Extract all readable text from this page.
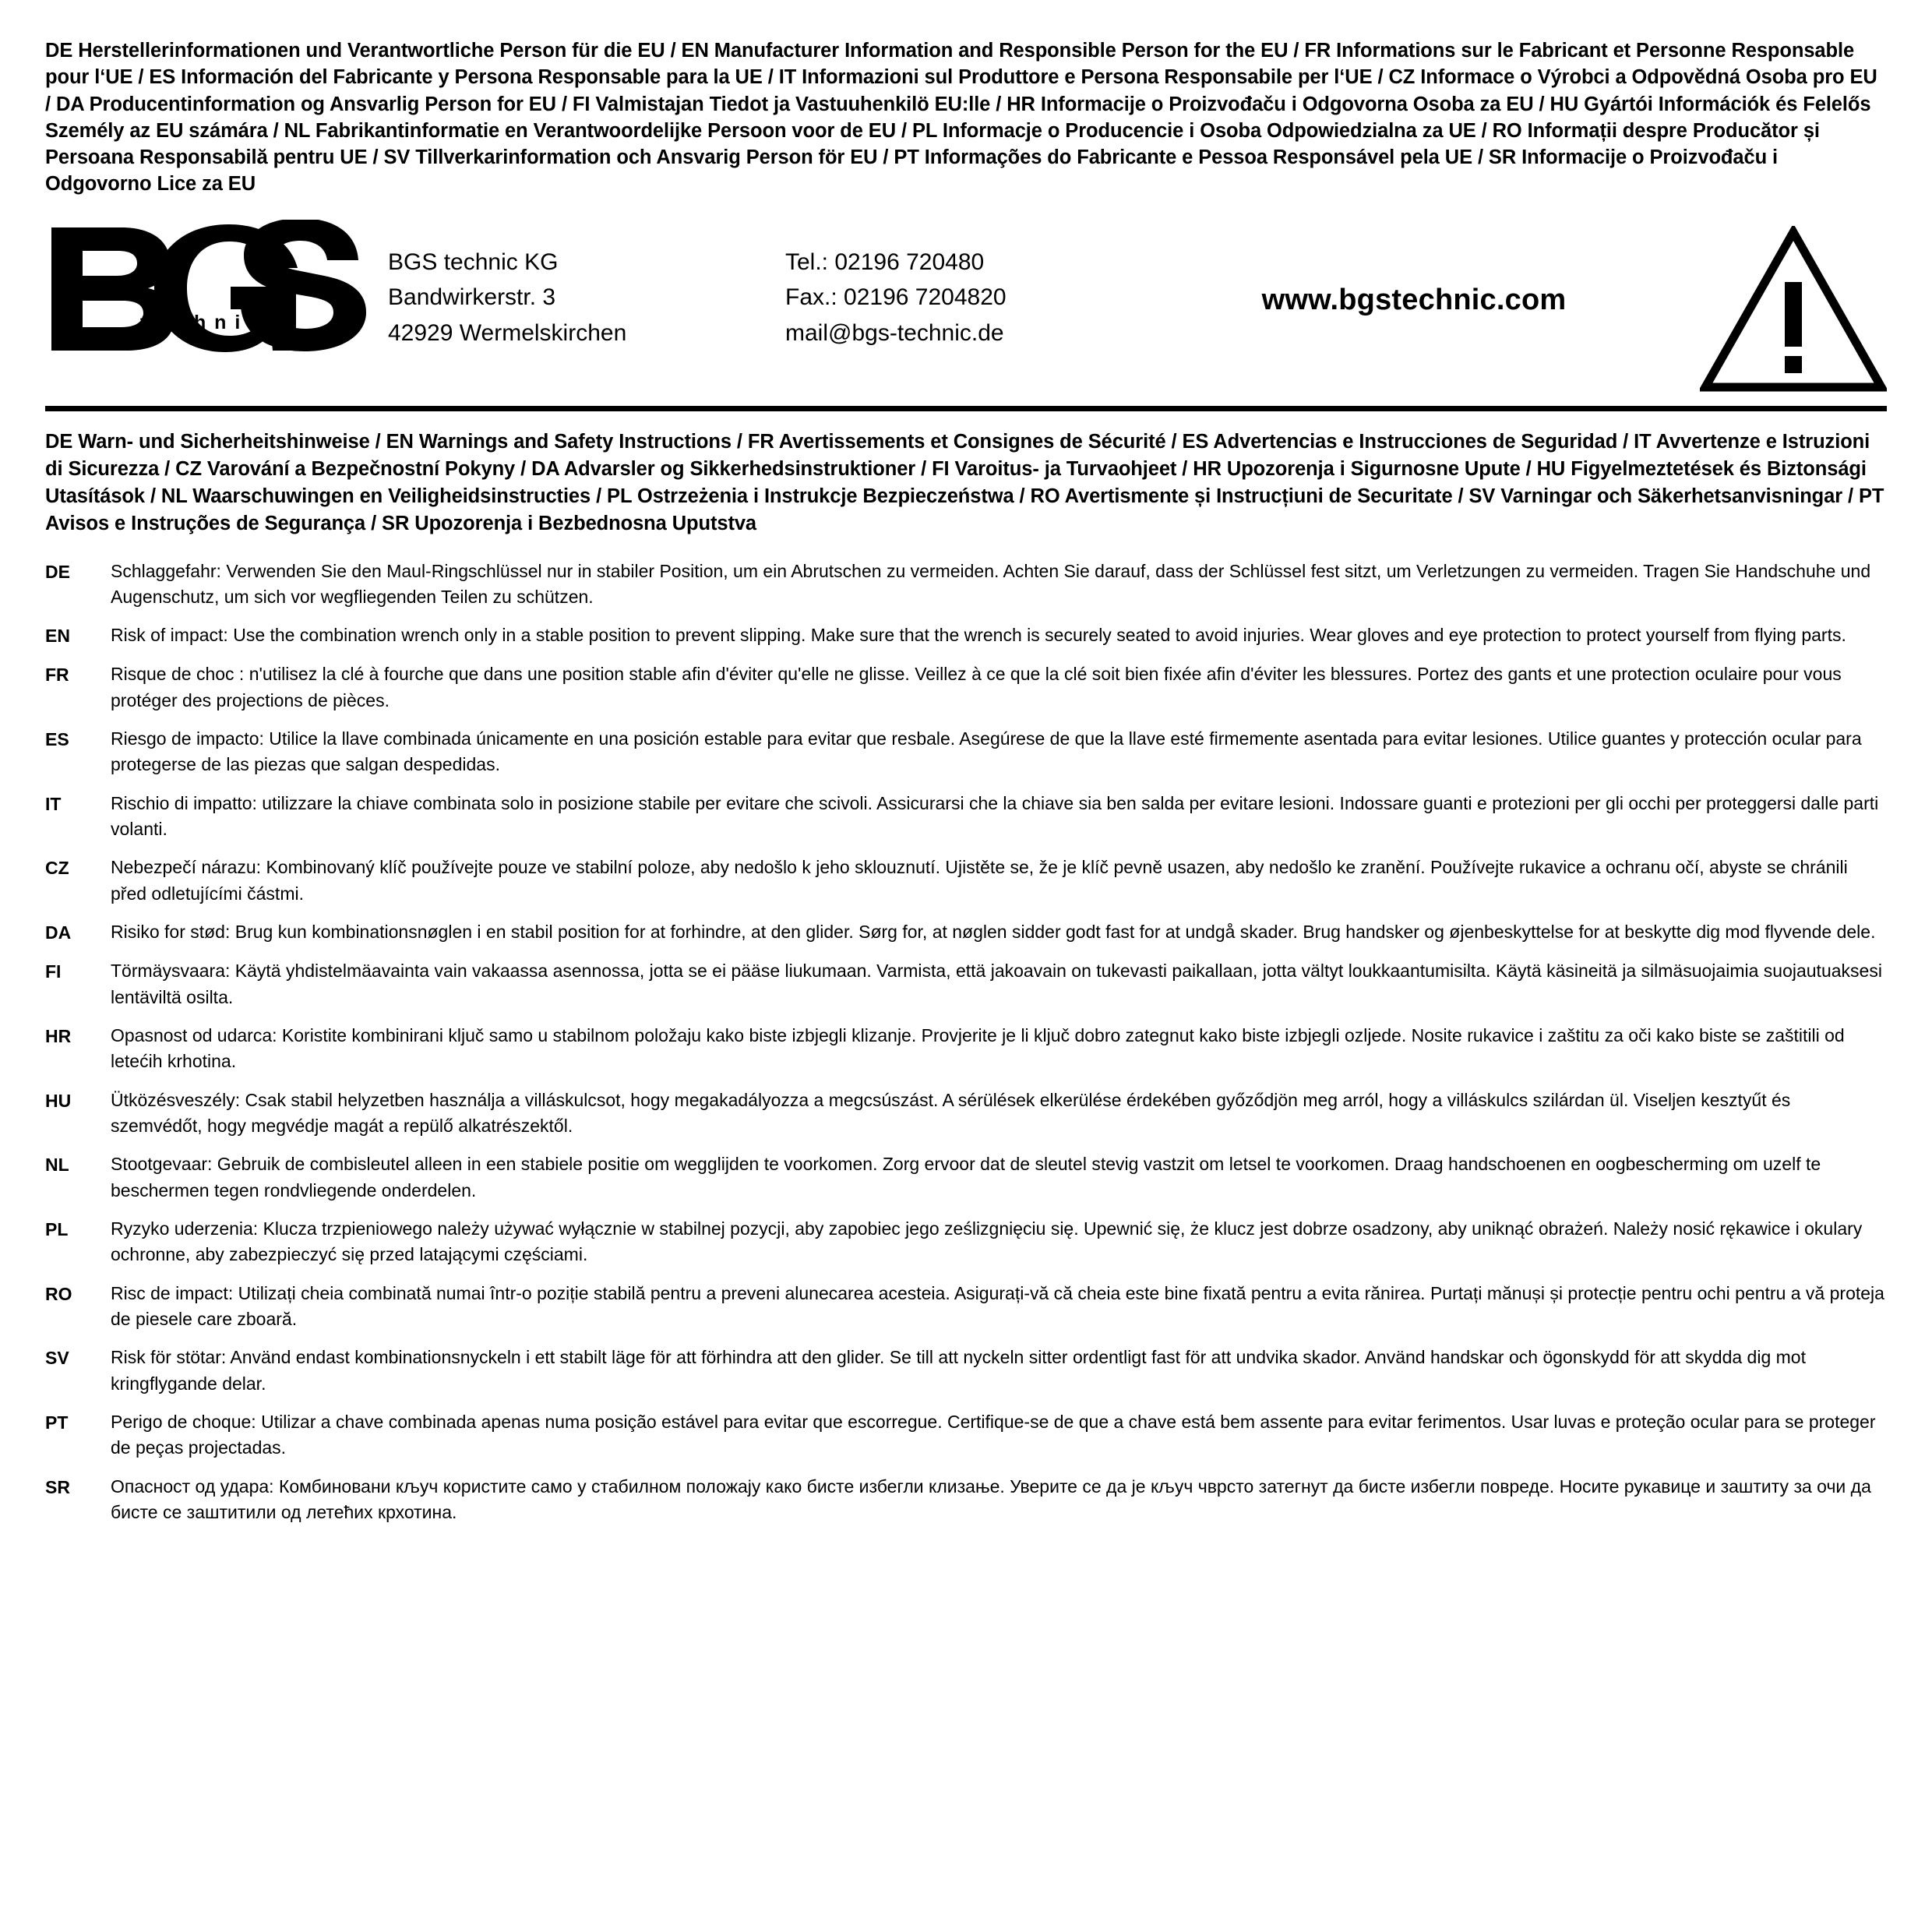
DE Herstellerinformationen und Verantwortliche Person für die EU / EN Manufacturer Information and Responsible Person for the EU / FR Informations sur le Fabricant et Personne Responsable pour l‘UE / ES Información del Fabricante y Persona Responsable para la UE / IT Informazioni sul Produttore e Persona Responsabile per l‘UE / CZ Informace o Výrobci a Odpovědná Osoba pro EU / DA Producentinformation og Ansvarlig Person for EU / FI Valmistajan Tiedot ja Vastuuhenkilö EU:lle / HR Informacije o Proizvođaču i Odgovorna Osoba za EU / HU Gyártói Információk és Felelős Személy az EU számára / NL Fabrikantinformatie en Verantwoordelijke Persoon voor de EU / PL Informacje o Producencie i Osoba Odpowiedzialna za UE / RO Informații despre Producător și Persoana Responsabilă pentru UE / SV Tillverkarinformation och Ansvarig Person för EU / PT Informações do Fabricante e Pessoa Responsável pela UE / SR Informacije o Proizvođaču i Odgovorno Lice za EU
®
t e c h n i c
BGS technic KG
Bandwirkerstr. 3
42929 Wermelskirchen
Tel.: 02196 720480
Fax.: 02196 7204820
mail@bgs-technic.de
www.bgstechnic.com
DE Warn- und Sicherheitshinweise / EN Warnings and Safety Instructions / FR Avertissements et Consignes de Sécurité / ES Advertencias e Instrucciones de Seguridad / IT Avvertenze e Istruzioni di Sicurezza / CZ Varování a Bezpečnostní Pokyny / DA Advarsler og Sikkerhedsinstruktioner / FI Varoitus- ja Turvaohjeet / HR Upozorenja i Sigurnosne Upute / HU Figyelmeztetések és Biztonsági Utasítások / NL Waarschuwingen en Veiligheidsinstructies / PL Ostrzeżenia i Instrukcje Bezpieczeństwa / RO Avertismente și Instrucțiuni de Securitate / SV Varningar och Säkerhetsanvisningar / PT Avisos e Instruções de Segurança / SR Upozorenja i Bezbednosna Uputstva
DE	Schlaggefahr: Verwenden Sie den Maul-Ringschlüssel nur in stabiler Position, um ein Abrutschen zu vermeiden. Achten Sie darauf, dass der Schlüssel fest sitzt, um Verletzungen zu vermeiden. Tragen Sie Handschuhe und Augenschutz, um sich vor wegfliegenden Teilen zu schützen.
EN	Risk of impact: Use the combination wrench only in a stable position to prevent slipping. Make sure that the wrench is securely seated to avoid injuries. Wear gloves and eye protection to protect yourself from flying parts.
FR	Risque de choc : n'utilisez la clé à fourche que dans une position stable afin d'éviter qu'elle ne glisse. Veillez à ce que la clé soit bien fixée afin d'éviter les blessures. Portez des gants et une protection oculaire pour vous protéger des projections de pièces.
ES	Riesgo de impacto: Utilice la llave combinada únicamente en una posición estable para evitar que resbale. Asegúrese de que la llave esté firmemente asentada para evitar lesiones. Utilice guantes y protección ocular para protegerse de las piezas que salgan despedidas.
IT	Rischio di impatto: utilizzare la chiave combinata solo in posizione stabile per evitare che scivoli. Assicurarsi che la chiave sia ben salda per evitare lesioni. Indossare guanti e protezioni per gli occhi per proteggersi dalle parti volanti.
CZ	Nebezpečí nárazu: Kombinovaný klíč používejte pouze ve stabilní poloze, aby nedošlo k jeho sklouznutí. Ujistěte se, že je klíč pevně usazen, aby nedošlo ke zranění. Používejte rukavice a ochranu očí, abyste se chránili před odletujícími částmi.
DA	Risiko for stød: Brug kun kombinationsnøglen i en stabil position for at forhindre, at den glider. Sørg for, at nøglen sidder godt fast for at undgå skader. Brug handsker og øjenbeskyttelse for at beskytte dig mod flyvende dele.
FI	Törmäysvaara: Käytä yhdistelmäavainta vain vakaassa asennossa, jotta se ei pääse liukumaan. Varmista, että jakoavain on tukevasti paikallaan, jotta vältyt loukkaantumisilta. Käytä käsineitä ja silmäsuojaimia suojautuaksesi lentäviltä osilta.
HR	Opasnost od udarca: Koristite kombinirani ključ samo u stabilnom položaju kako biste izbjegli klizanje. Provjerite je li ključ dobro zategnut kako biste izbjegli ozljede. Nosite rukavice i zaštitu za oči kako biste se zaštitili od letećih krhotina.
HU	Ütközésveszély: Csak stabil helyzetben használja a villáskulcsot, hogy megakadályozza a megcsúszást. A sérülések elkerülése érdekében győződjön meg arról, hogy a villáskulcs szilárdan ül. Viseljen kesztyűt és szemvédőt, hogy megvédje magát a repülő alkatrészektől.
NL	Stootgevaar: Gebruik de combisleutel alleen in een stabiele positie om wegglijden te voorkomen. Zorg ervoor dat de sleutel stevig vastzit om letsel te voorkomen. Draag handschoenen en oogbescherming om uzelf te beschermen tegen rondvliegende onderdelen.
PL	Ryzyko uderzenia: Klucza trzpieniowego należy używać wyłącznie w stabilnej pozycji, aby zapobiec jego ześlizgnięciu się. Upewnić się, że klucz jest dobrze osadzony, aby uniknąć obrażeń. Należy nosić rękawice i okulary ochronne, aby zabezpieczyć się przed latającymi częściami.
RO	Risc de impact: Utilizați cheia combinată numai într-o poziție stabilă pentru a preveni alunecarea acesteia. Asigurați-vă că cheia este bine fixată pentru a evita rănirea. Purtați mănuși și protecție pentru ochi pentru a vă proteja de piesele care zboară.
SV	Risk för stötar: Använd endast kombinationsnyckeln i ett stabilt läge för att förhindra att den glider. Se till att nyckeln sitter ordentligt fast för att undvika skador. Använd handskar och ögonskydd för att skydda dig mot kringflygande delar.
PT	Perigo de choque: Utilizar a chave combinada apenas numa posição estável para evitar que escorregue. Certifique-se de que a chave está bem assente para evitar ferimentos. Usar luvas e proteção ocular para se proteger de peças projectadas.
SR	Опасност од удара: Комбиновани кључ користите само у стабилном положају како бисте избегли клизање. Уверите се да је кључ чврсто затегнут да бисте избегли повреде. Носите рукавице и заштиту за очи да бисте се заштитили од летећих крхотина.
